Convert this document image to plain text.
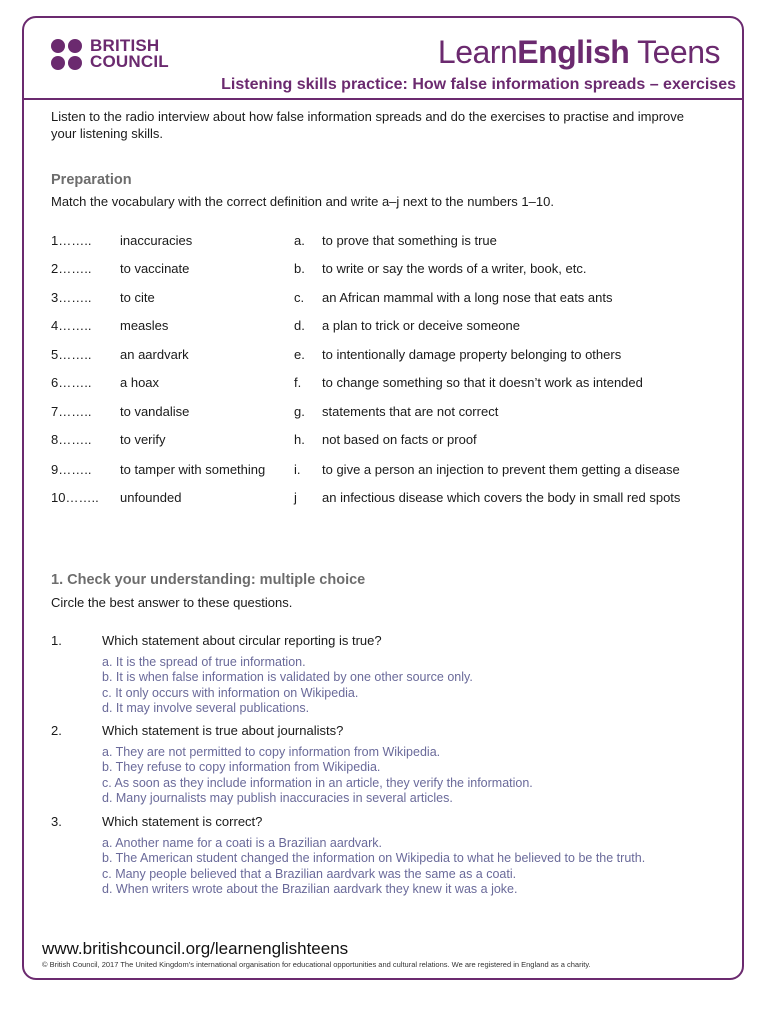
BRITISH
COUNCIL	LearnEnglish Teens
Listening skills practice: How false information spreads – exercises
Listen to the radio interview about how false information spreads and do the exercises to practise and improve your listening skills.
Preparation
Match the vocabulary with the correct definition and write a–j next to the numbers 1–10.
1…….. inaccuracies	a. to prove that something is true
2…….. to vaccinate	b. to write or say the words of a writer, book, etc.
3…….. to cite	c. an African mammal with a long nose that eats ants
4…….. measles	d. a plan to trick or deceive someone
5…….. an aardvark	e. to intentionally damage property belonging to others
6…….. a hoax	f. to change something so that it doesn’t work as intended
7…….. to vandalise	g. statements that are not correct
8…….. to verify	h. not based on facts or proof
9…….. to tamper with something i. to give a person an injection to prevent them getting a disease
10…….. unfounded	j an infectious disease which covers the body in small red spots
1. Check your understanding: multiple choice
Circle the best answer to these questions.
1.	Which statement about circular reporting is true?
a. It is the spread of true information.
b. It is when false information is validated by one other source only.
c. It only occurs with information on Wikipedia.
d. It may involve several publications.
2.	Which statement is true about journalists?
a. They are not permitted to copy information from Wikipedia.
b. They refuse to copy information from Wikipedia.
c. As soon as they include information in an article, they verify the information.
d. Many journalists may publish inaccuracies in several articles.
3.	Which statement is correct?
a. Another name for a coati is a Brazilian aardvark.
b. The American student changed the information on Wikipedia to what he believed to be the truth.
c. Many people believed that a Brazilian aardvark was the same as a coati.
d. When writers wrote about the Brazilian aardvark they knew it was a joke.
www.britishcouncil.org/learnenglishteens
© British Council, 2017 The United Kingdom’s international organisation for educational opportunities and cultural relations. We are registered in England as a charity.
